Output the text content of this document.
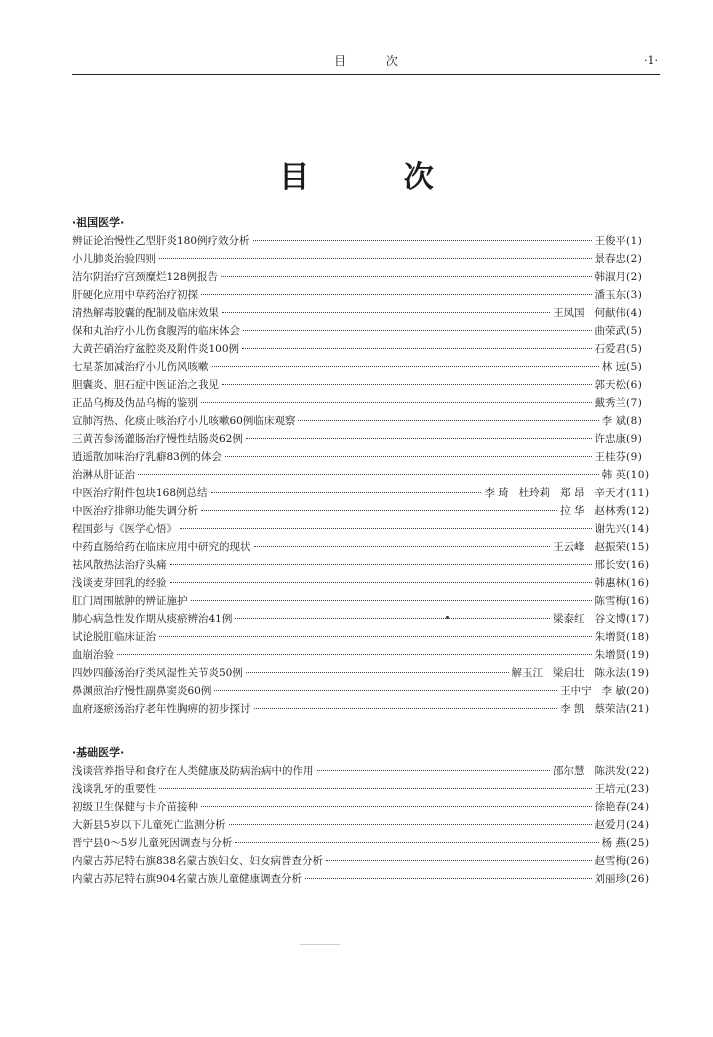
目 次	·1·
目 次
·祖国医学·
辨证论治慢性乙型肝炎180例疗效分析	王俊平 (1)
小儿肺炎治验四则	景春忠 (2)
洁尔阴治疗宫颈糜烂128例报告	韩淑月 (2)
肝硬化应用中草药治疗初探	潘玉东 (3)
清热解毒胶囊的配制及临床效果	王凤国 何献伟 (4)
保和丸治疗小儿伤食腹泻的临床体会	曲荣武 (5)
大黄芒硝治疗盆腔炎及附件炎100例	石爱君 (5)
七星茶加减治疗小儿伤风咳嗽	林 远 (5)
胆囊炎、胆石症中医证治之我见	郭天松 (6)
正品乌梅及伪品乌梅的鉴别	戴秀兰 (7)
宣肺泻热、化痰止咳治疗小儿咳嗽60例临床观察	李 斌 (8)
三黄苦参汤灌肠治疗慢性结肠炎62例	许忠康 (9)
逍遥散加味治疗乳癖83例的体会	王桂芬 (9)
治淋从肝证治	韩 英 (10)
中医治疗附件包块168例总结	李 琦 杜玲莉 郑 昂 辛天才 (11)
中医治疗排卵功能失调分析	拉 华 赵林秀 (12)
程国彭与《医学心悟》	谢先兴 (14)
中药直肠给药在临床应用中研究的现状	王云峰 赵振荣 (15)
祛风散热法治疗头痛	邢长安 (16)
浅谈麦芽回乳的经验	韩惠林 (16)
肛门周围脓肿的辨证施护	陈雪梅 (16)
肺心病急性发作期从痰瘀辨治41例	梁泰红 谷文博 (17)
试论脱肛临床证治	朱增贤 (18)
血崩治验	朱增贤 (19)
四妙四藤汤治疗类风湿性关节炎50例	解玉江 梁启壮 陈永法 (19)
鼻渊煎治疗慢性副鼻窦炎60例	王中宁 李 敏 (20)
血府逐瘀汤治疗老年性胸痹的初步探讨	李 凯 蔡荣洁 (21)
·基础医学·
浅谈营养指导和食疗在人类健康及防病治病中的作用	邵尔慧 陈洪发 (22)
浅谈乳牙的重要性	王培元 (23)
初级卫生保健与卡介苗接种	徐艳春 (24)
大新县5岁以下儿童死亡监测分析	赵爱月 (24)
晋宁县0～5岁儿童死因调查与分析	杨 燕 (25)
内蒙古苏尼特右旗838名蒙古族妇女、妇女病普查分析	赵雪梅 (26)
内蒙古苏尼特右旗904名蒙古族儿童健康调查分析	刘丽珍 (26)
